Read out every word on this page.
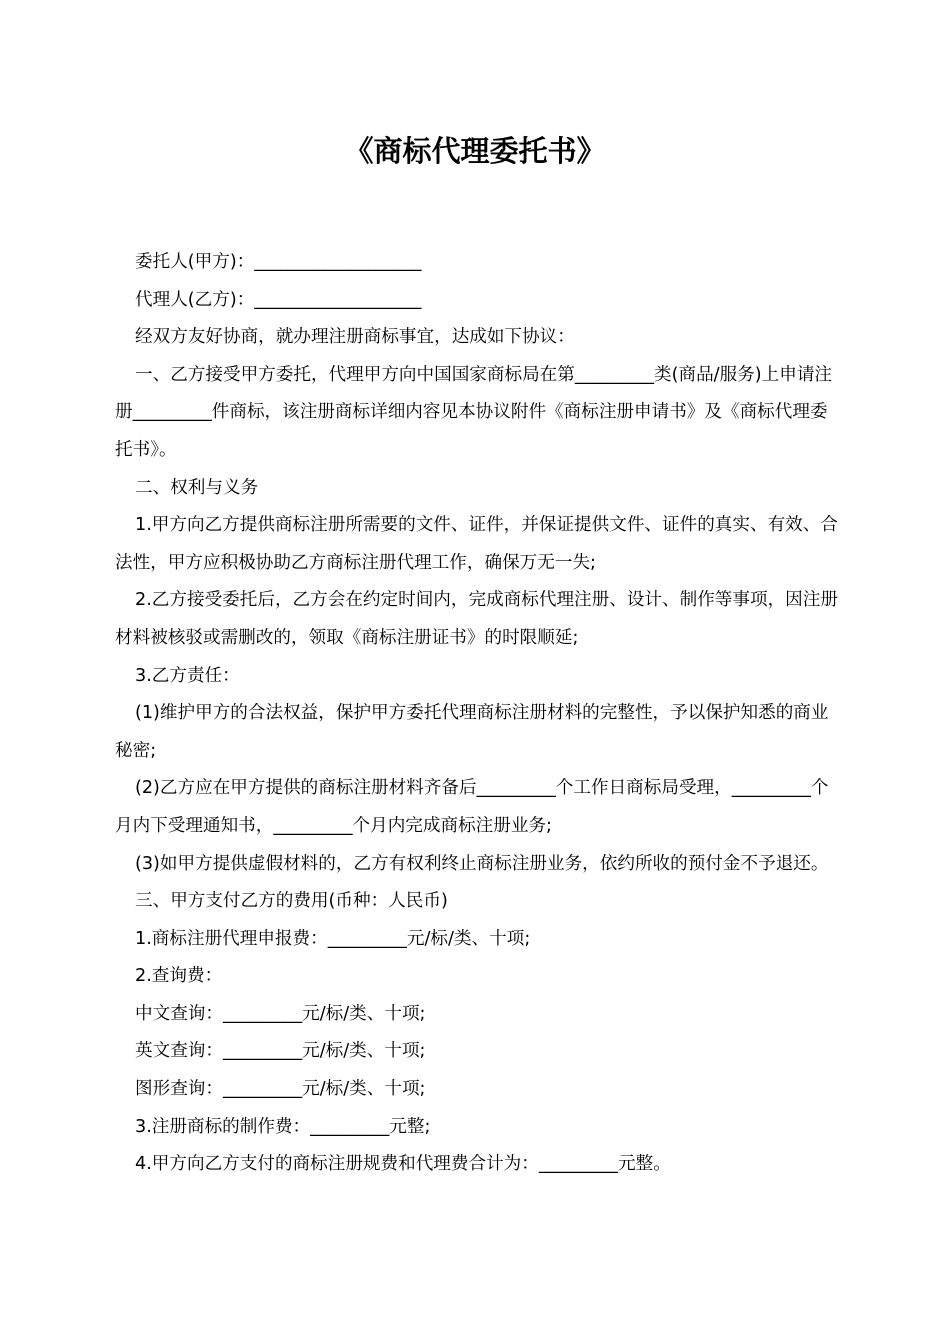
《商标代理委托书》

委托人(甲方)：___________________

代理人(乙方)：___________________

经双方友好协商，就办理注册商标事宜，达成如下协议：

一、乙方接受甲方委托，代理甲方向中国国家商标局在第_________类(商品/服务)上申请注册_________件商标，该注册商标详细内容见本协议附件《商标注册申请书》及《商标代理委托书》。

二、权利与义务

1.甲方向乙方提供商标注册所需要的文件、证件，并保证提供文件、证件的真实、有效、合法性，甲方应积极协助乙方商标注册代理工作，确保万无一失;

2.乙方接受委托后，乙方会在约定时间内，完成商标代理注册、设计、制作等事项，因注册材料被核驳或需删改的，领取《商标注册证书》的时限顺延;

3.乙方责任：

(1)维护甲方的合法权益，保护甲方委托代理商标注册材料的完整性，予以保护知悉的商业秘密;

(2)乙方应在甲方提供的商标注册材料齐备后_________个工作日商标局受理，_________个月内下受理通知书，_________个月内完成商标注册业务;

(3)如甲方提供虚假材料的，乙方有权利终止商标注册业务，依约所收的预付金不予退还。

三、甲方支付乙方的费用(币种：人民币)

1.商标注册代理申报费：_________元/标/类、十项;

2.查询费：

中文查询：_________元/标/类、十项;

英文查询：_________元/标/类、十项;

图形查询：_________元/标/类、十项;

3.注册商标的制作费：_________元整;

4.甲方向乙方支付的商标注册规费和代理费合计为：_________元整。
